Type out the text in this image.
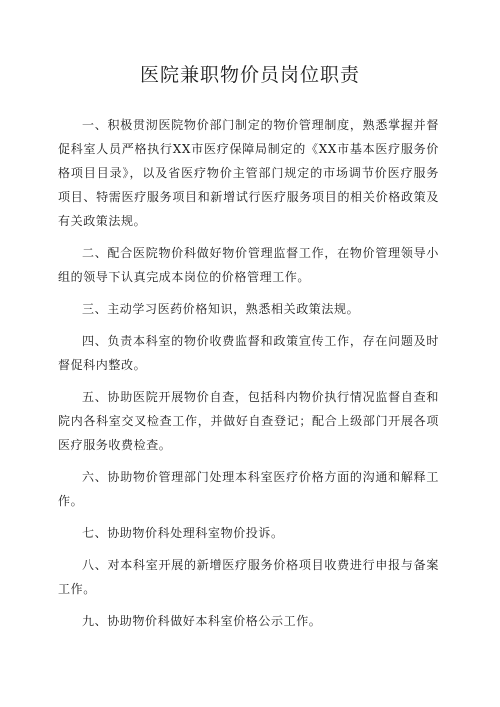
医院兼职物价员岗位职责

一、积极贯沏医院物价部门制定的物价管理制度，熟悉掌握并督促科室人员严格执行XX市医疗保障局制定的《XX市基本医疗服务价格项目目录》，以及省医疗物价主管部门规定的市场调节价医疗服务项目、特需医疗服务项目和新增试行医疗服务项目的相关价格政策及有关政策法规。

二、配合医院物价科做好物价管理监督工作，在物价管理领导小组的领导下认真完成本岗位的价格管理工作。

三、主动学习医药价格知识，熟悉相关政策法规。

四、负责本科室的物价收费监督和政策宣传工作，存在问题及时督促科内整改。

五、协助医院开展物价自查，包括科内物价执行情况监督自查和院内各科室交叉检查工作，并做好自查登记；配合上级部门开展各项医疗服务收费检查。

六、协助物价管理部门处理本科室医疗价格方面的沟通和解释工作。

七、协助物价科处理科室物价投诉。

八、对本科室开展的新增医疗服务价格项目收费进行申报与备案工作。

九、协助物价科做好本科室价格公示工作。
